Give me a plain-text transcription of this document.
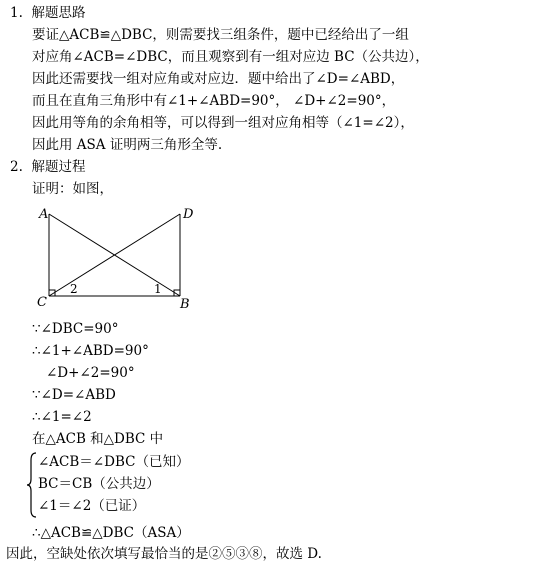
1. 解题思路
要证△ACB≌△DBC，则需要找三组条件，题中已经给出了一组
对应角∠ACB=∠DBC，而且观察到有一组对应边 BC（公共边），
因此还需要找一组对应角或对应边．题中给出了∠D=∠ABD，
而且在直角三角形中有∠1+∠ABD=90°， ∠D+∠2=90°，
因此用等角的余角相等，可以得到一组对应角相等（∠1=∠2），
因此用 ASA 证明两三角形全等.
2. 解题过程
证明：如图，
A	D
C	B
2	1
∵∠DBC=90°
∴∠1+∠ABD=90°
∠D+∠2=90°
∵∠D=∠ABD
∴∠1=∠2
在△ACB 和△DBC 中
∠ACB＝∠DBC（已知）
BC＝CB（公共边）
∠1＝∠2（已证）
∴△ACB≌△DBC（ASA）
因此，空缺处依次填写最恰当的是②⑤③⑧，故选 D.
